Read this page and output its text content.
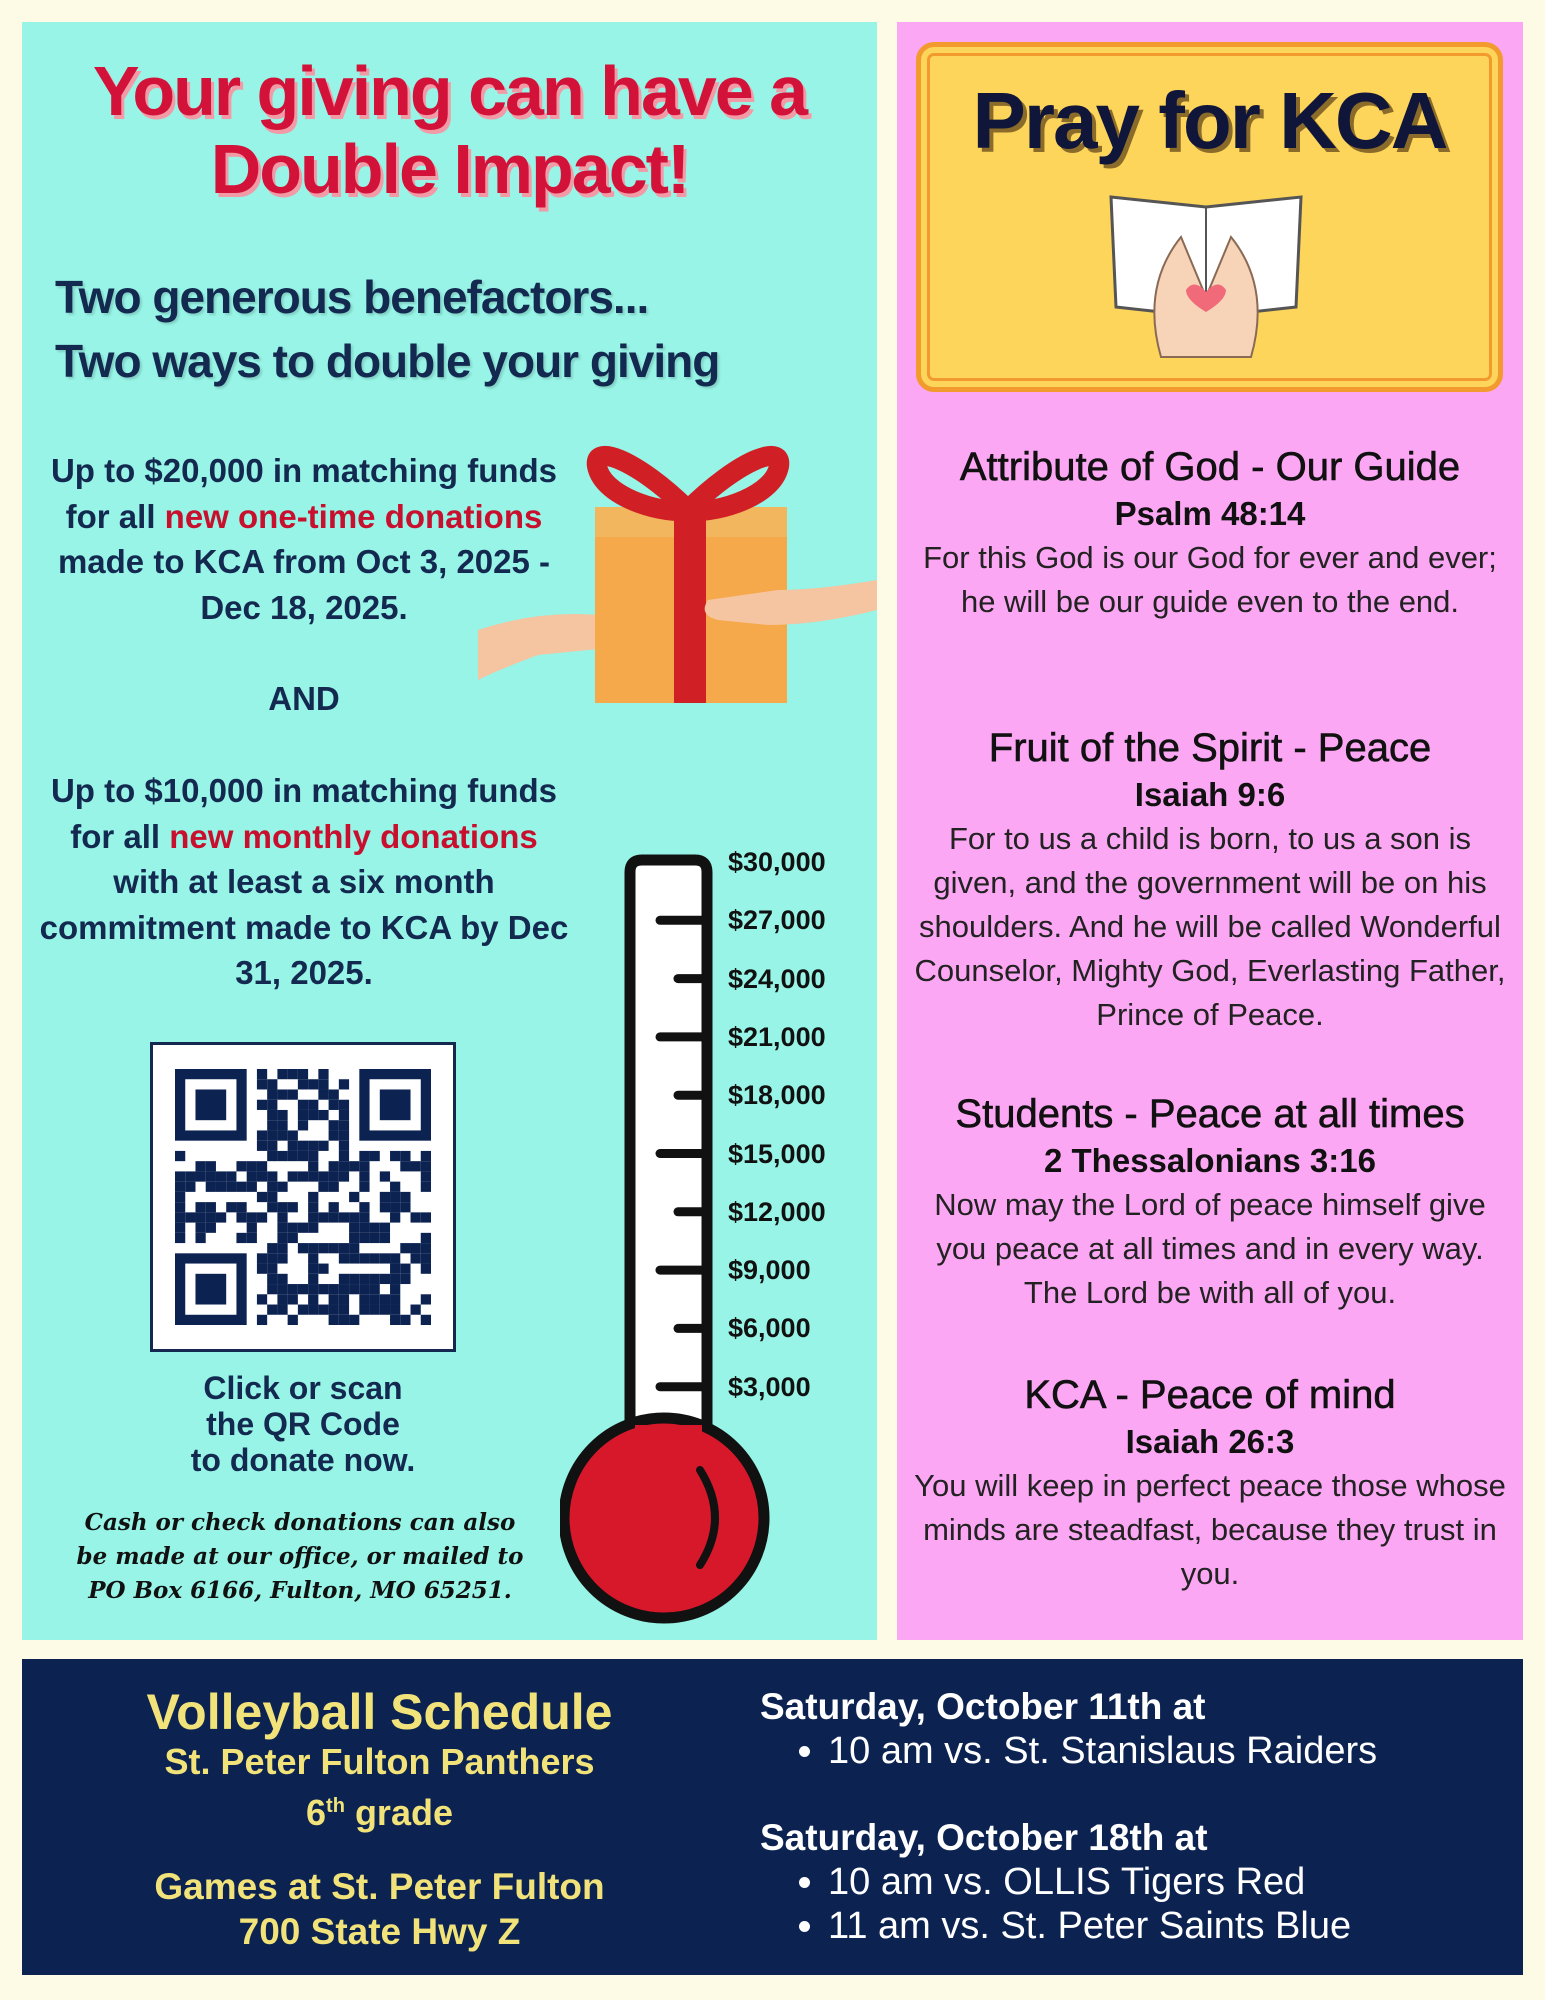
Your giving can have a
Double Impact!
Two generous benefactors...
Two ways to double your giving
Up to $20,000 in matching funds for all new one-time donations made to KCA from Oct 3, 2025 - Dec 18, 2025.
AND
Up to $10,000 in matching funds for all new monthly donations with at least a six month commitment made to KCA by Dec 31, 2025.
Click or scan
the QR Code
to donate now.
Cash or check donations can also
be made at our office, or mailed to
PO Box 6166, Fulton, MO 65251.
$30,000
$27,000
$24,000
$21,000
$18,000
$15,000
$12,000
$9,000
$6,000
$3,000
Pray for KCA
Attribute of God - Our Guide
Psalm 48:14

For this God is our God for ever and ever; he will be our guide even to the end.

Fruit of the Spirit - Peace
Isaiah 9:6

For to us a child is born, to us a son is given, and the government will be on his shoulders. And he will be called Wonderful Counselor, Mighty God, Everlasting Father, Prince of Peace.

Students - Peace at all times
2 Thessalonians 3:16

Now may the Lord of peace himself give you peace at all times and in every way. The Lord be with all of you.

KCA - Peace of mind
Isaiah 26:3

You will keep in perfect peace those whose minds are steadfast, because they trust in you.

Volleyball Schedule
St. Peter Fulton Panthers
6th grade
Games at St. Peter Fulton
700 State Hwy Z
Saturday, October 11th at
• 10 am vs. St. Stanislaus Raiders
Saturday, October 18th at
• 10 am vs. OLLIS Tigers Red
• 11 am vs. St. Peter Saints Blue
